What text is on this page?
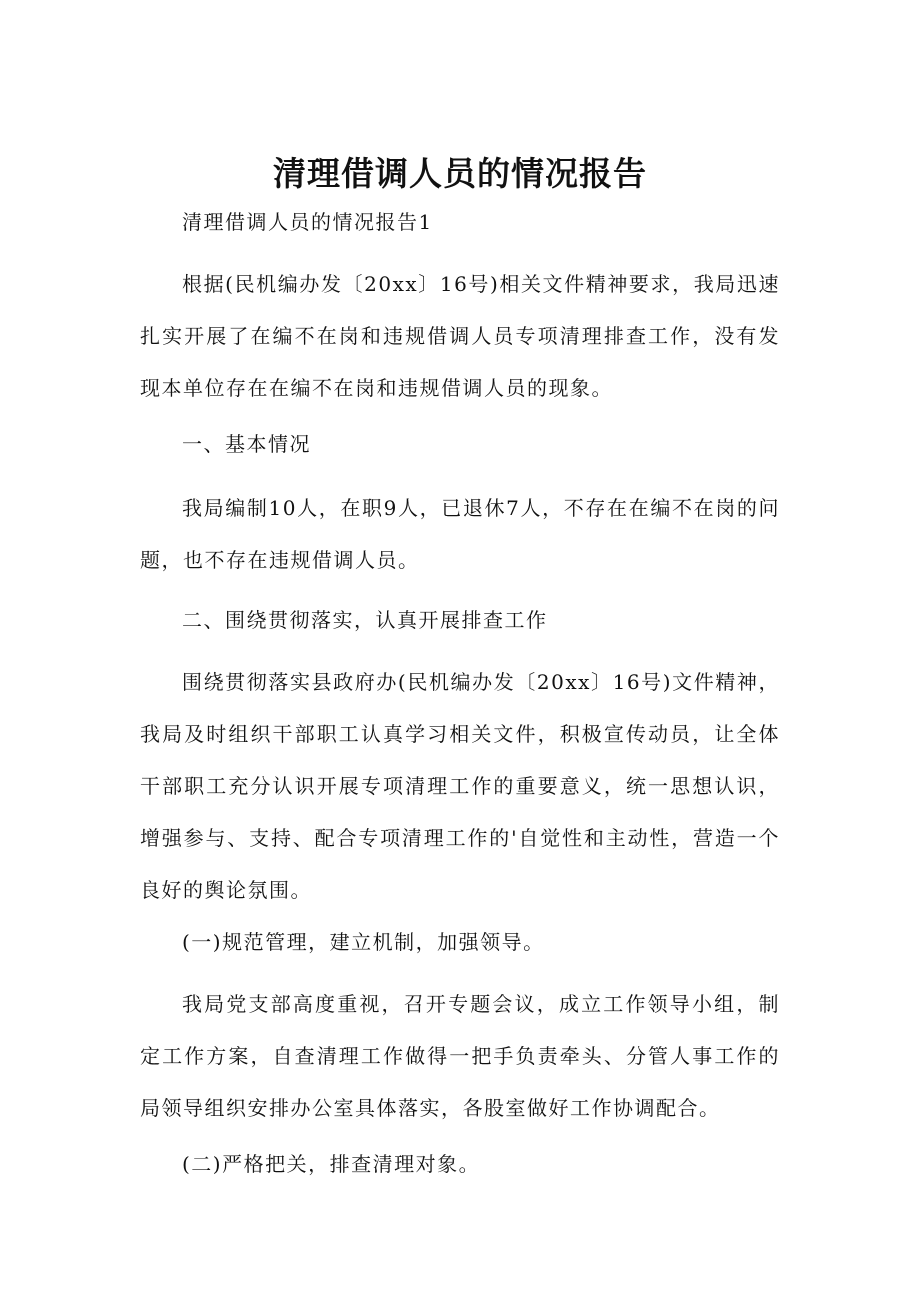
清理借调人员的情况报告

清理借调人员的情况报告1

根据(民机编办发〔20xx〕16号)相关文件精神要求，我局迅速扎实开展了在编不在岗和违规借调人员专项清理排查工作，没有发现本单位存在在编不在岗和违规借调人员的现象。

一、基本情况

我局编制10人，在职9人，已退休7人，不存在在编不在岗的问题，也不存在违规借调人员。

二、围绕贯彻落实，认真开展排查工作

围绕贯彻落实县政府办(民机编办发〔20xx〕16号)文件精神，我局及时组织干部职工认真学习相关文件，积极宣传动员，让全体干部职工充分认识开展专项清理工作的重要意义，统一思想认识，增强参与、支持、配合专项清理工作的'自觉性和主动性，营造一个良好的舆论氛围。

(一)规范管理，建立机制，加强领导。

我局党支部高度重视，召开专题会议，成立工作领导小组，制定工作方案，自查清理工作做得一把手负责牵头、分管人事工作的局领导组织安排办公室具体落实，各股室做好工作协调配合。

(二)严格把关，排查清理对象。
